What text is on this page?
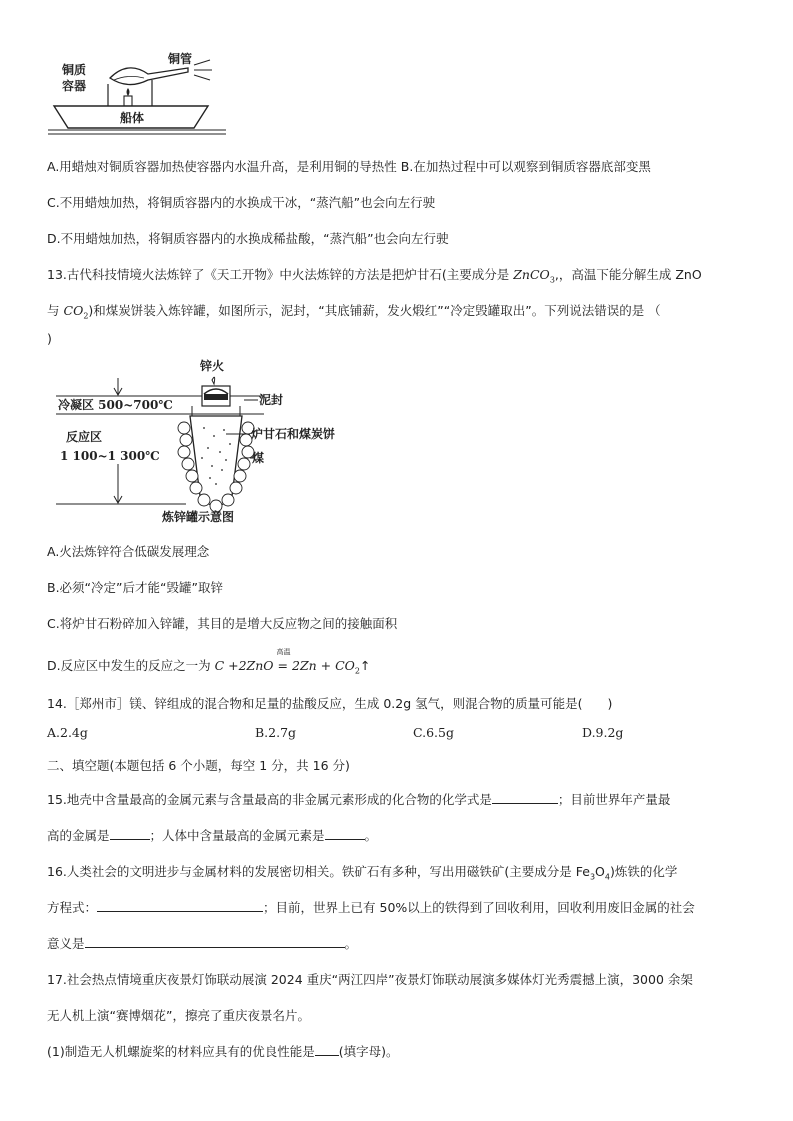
铜管
铜质
容器
船体
A.用蜡烛对铜质容器加热使容器内水温升高，是利用铜的导热性 B.在加热过程中可以观察到铜质容器底部变黑
C.不用蜡烛加热，将铜质容器内的水换成干冰，“蒸汽船”也会向左行驶
D.不用蜡烛加热，将铜质容器内的水换成稀盐酸，“蒸汽船”也会向左行驶
13.古代科技情境火法炼锌了《天工开物》中火法炼锌的方法是把炉甘石(主要成分是 ZnCO$_3$,，高温下能分解生成 ZnO
与 $CO_2$)和煤炭饼装入炼锌罐，如图所示，泥封，“其底铺薪，发火煅红”“冷定毁罐取出”。下列说法错误的是 （
)
锌火
冷凝区 500~700℃	泥封
炉甘石和煤炭饼
煤
反应区
1 100~1 300℃
炼锌罐示意图
A.火法炼锌符合低碳发展理念
B.必须“冷定”后才能“毁罐”取锌
C.将炉甘石粉碎加入锌罐，其目的是增大反应物之间的接触面积
D.反应区中发生的反应之一为 C +2ZnO
高温
= $2Zn + CO_2↑$
14.［郑州市］镁、锌组成的混合物和足量的盐酸反应，生成 0.2g 氢气，则混合物的质量可能是(　　)
A.2.4g	B.2.7g	C.6.5g	D.9.2g
二、填空题(本题包括 6 个小题，每空 1 分，共 16 分)
15.地壳中含量最高的金属元素与含量最高的非金属元素形成的化合物的化学式是	；目前世界年产量最
高的金属是	；人体中含量最高的金属元素是	。
16.人类社会的文明进步与金属材料的发展密切相关。铁矿石有多种，写出用磁铁矿(主要成分是 $Fe_3O_4$)炼铁的化学
方程式：	；目前，世界上已有 50%以上的铁得到了回收利用，回收利用废旧金属的社会
意义是	。
17.社会热点情境重庆夜景灯饰联动展演 2024 重庆“两江四岸”夜景灯饰联动展演多媒体灯光秀震撼上演，3000 余架
无人机上演“赛博烟花”，擦亮了重庆夜景名片。
(1)制造无人机螺旋桨的材料应具有的优良性能是 (填字母)。
